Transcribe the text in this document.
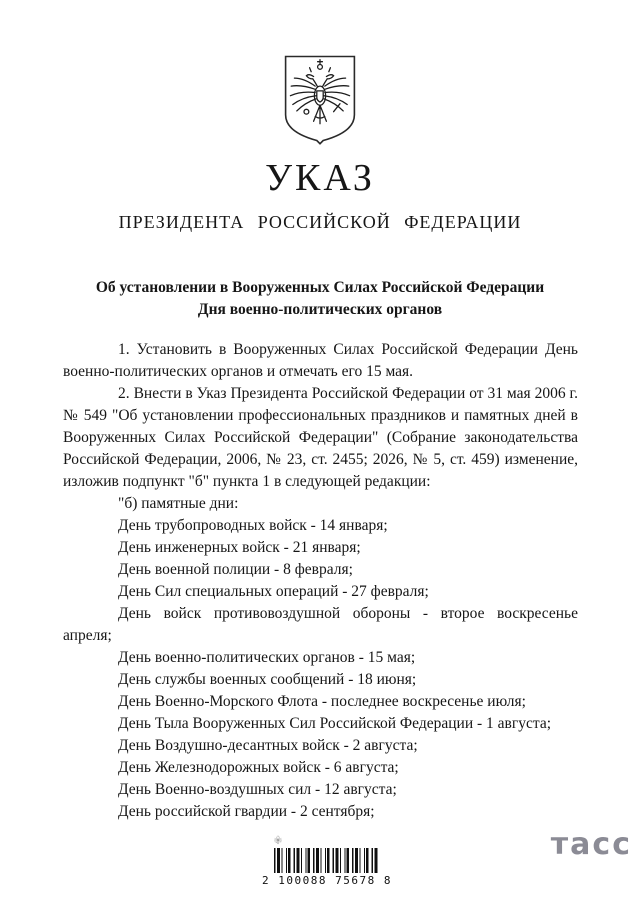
УКАЗ
ПРЕЗИДЕНТА РОССИЙСКОЙ ФЕДЕРАЦИИ
Об установлении в Вооруженных Силах Российской Федерации
Дня военно-политических органов

1. Установить в Вооруженных Силах Российской Федерации День военно-политических органов и отмечать его 15 мая.

2. Внести в Указ Президента Российской Федерации от 31 мая 2006 г. № 549 "Об установлении профессиональных праздников и памятных дней в Вооруженных Силах Российской Федерации" (Собрание законодательства Российской Федерации, 2006, № 23, ст. 2455; 2026, № 5, ст. 459) изменение, изложив подпункт "б" пункта 1 в следующей редакции:

"б) памятные дни:

День трубопроводных войск - 14 января;

День инженерных войск - 21 января;

День военной полиции - 8 февраля;

День Сил специальных операций - 27 февраля;

День войск противовоздушной обороны - второе воскресенье апреля;

День военно-политических органов - 15 мая;

День службы военных сообщений - 18 июня;

День Военно-Морского Флота - последнее воскресенье июля;

День Тыла Вооруженных Сил Российской Федерации - 1 августа;

День Воздушно-десантных войск - 2 августа;

День Железнодорожных войск - 6 августа;

День Военно-воздушных сил - 12 августа;

День российской гвардии - 2 сентября;

2 100088 75678 8
тасс
